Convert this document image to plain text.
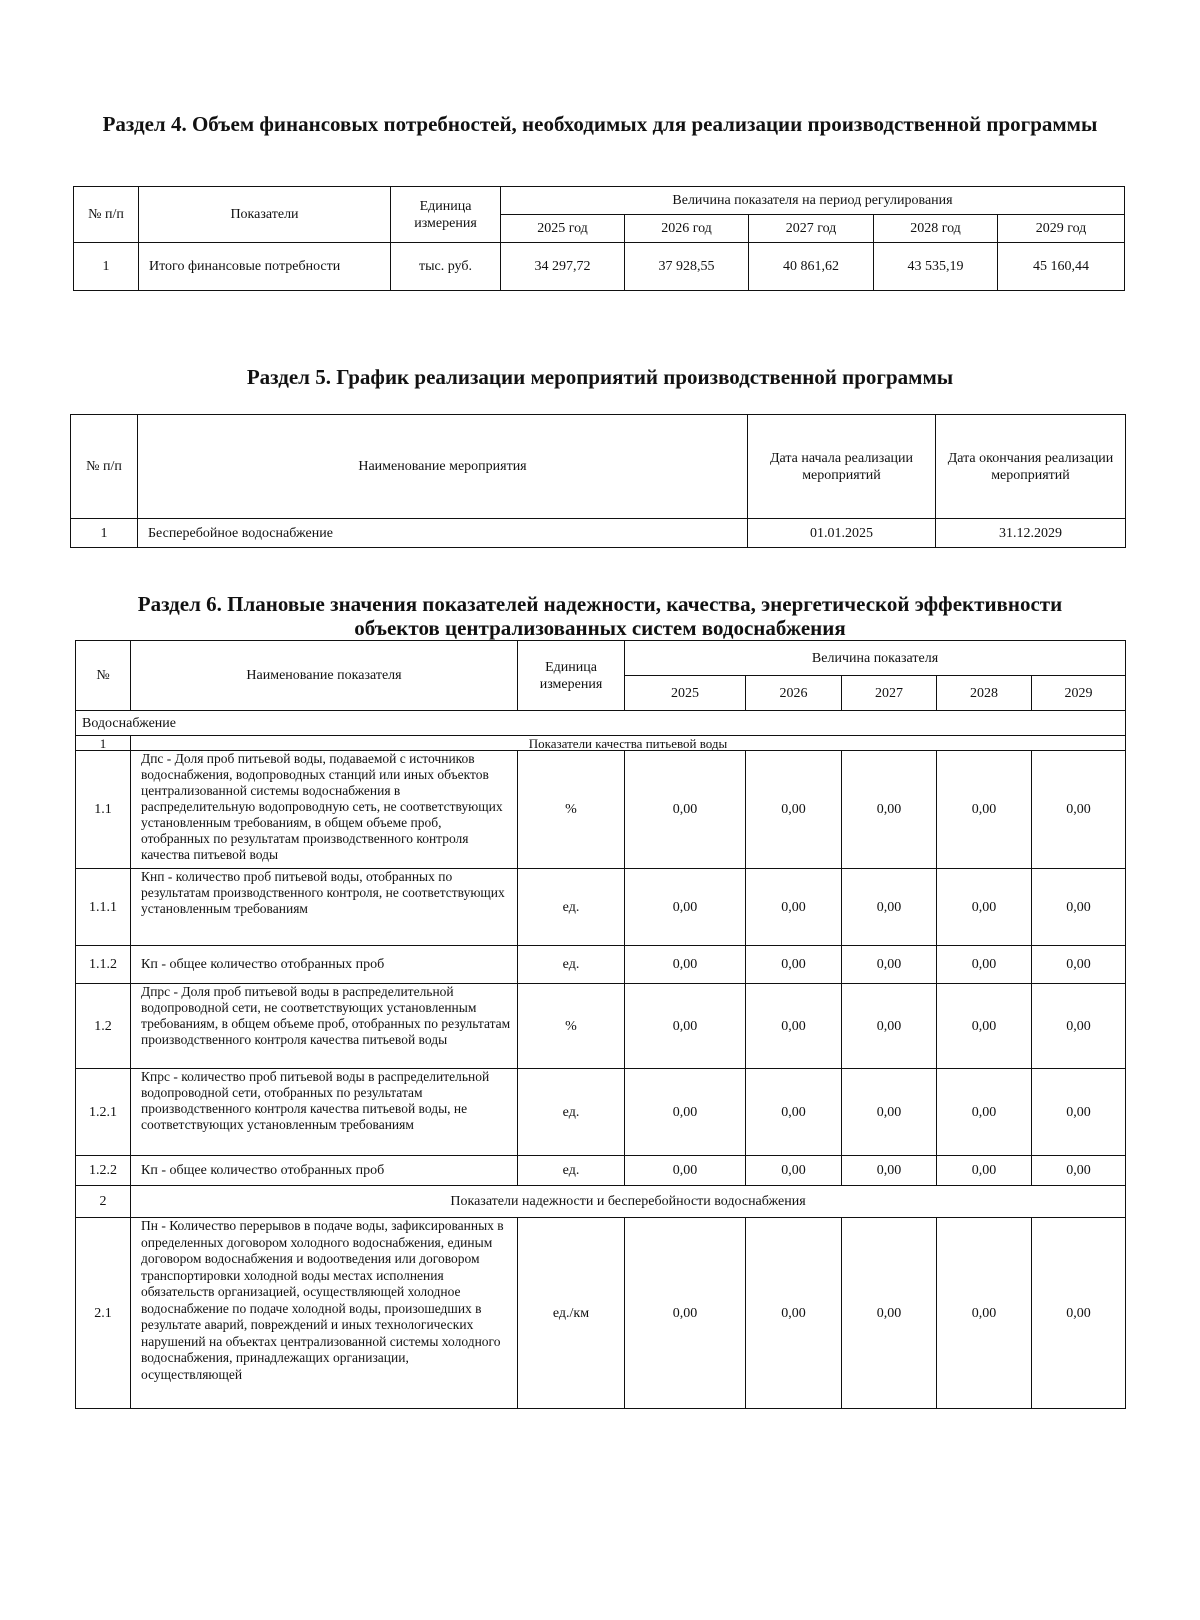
Раздел 4. Объем финансовых потребностей, необходимых для реализации производственной программы
№ п/п	Показатели	Единица измерения	Величина показателя на период регулирования				
			2025 год	2026 год	2027 год	2028 год	2029 год
1	Итого финансовые потребности	тыс. руб.	34 297,72	37 928,55	40 861,62	43 535,19	45 160,44
Раздел 5. График реализации мероприятий производственной программы
№ п/п	Наименование мероприятия	Дата начала реализации мероприятий	Дата окончания реализации мероприятий
1	Бесперебойное водоснабжение	01.01.2025	31.12.2029
Раздел 6. Плановые значения показателей надежности, качества, энергетической эффективности
объектов централизованных систем водоснабжения
№	Наименование показателя	Единица измерения	Величина показателя				
			2025	2026	2027	2028	2029
Водоснабжение							
1	Показатели качества питьевой воды						
1.1	Дпс - Доля проб питьевой воды, подаваемой с источников водоснабжения, водопроводных станций или иных объектов централизованной системы водоснабжения в распределительную водопроводную сеть, не соответствующих установленным требованиям, в общем объеме проб, отобранных по результатам производственного контроля качества питьевой воды	%	0,00	0,00	0,00	0,00	0,00
1.1.1	Кнп - количество проб питьевой воды, отобранных по результатам производственного контроля, не соответствующих установленным требованиям	ед.	0,00	0,00	0,00	0,00	0,00
1.1.2	Кп - общее количество отобранных проб	ед.	0,00	0,00	0,00	0,00	0,00
1.2	Дпрс - Доля проб питьевой воды в распределительной водопроводной сети, не соответствующих установленным требованиям, в общем объеме проб, отобранных по результатам производственного контроля качества питьевой воды	%	0,00	0,00	0,00	0,00	0,00
1.2.1	Кпрс - количество проб питьевой воды в распределительной водопроводной сети, отобранных по результатам производственного контроля качества питьевой воды, не соответствующих установленным требованиям	ед.	0,00	0,00	0,00	0,00	0,00
1.2.2	Кп - общее количество отобранных проб	ед.	0,00	0,00	0,00	0,00	0,00
2	Показатели надежности и бесперебойности водоснабжения						
2.1	Пн - Количество перерывов в подаче воды, зафиксированных в определенных договором холодного водоснабжения, единым договором водоснабжения и водоотведения или договором транспортировки холодной воды местах исполнения обязательств организацией, осуществляющей холодное водоснабжение по подаче холодной воды, произошедших в результате аварий, повреждений и иных технологических нарушений на объектах централизованной системы холодного водоснабжения, принадлежащих организации, осуществляющей	ед./км	0,00	0,00	0,00	0,00	0,00
